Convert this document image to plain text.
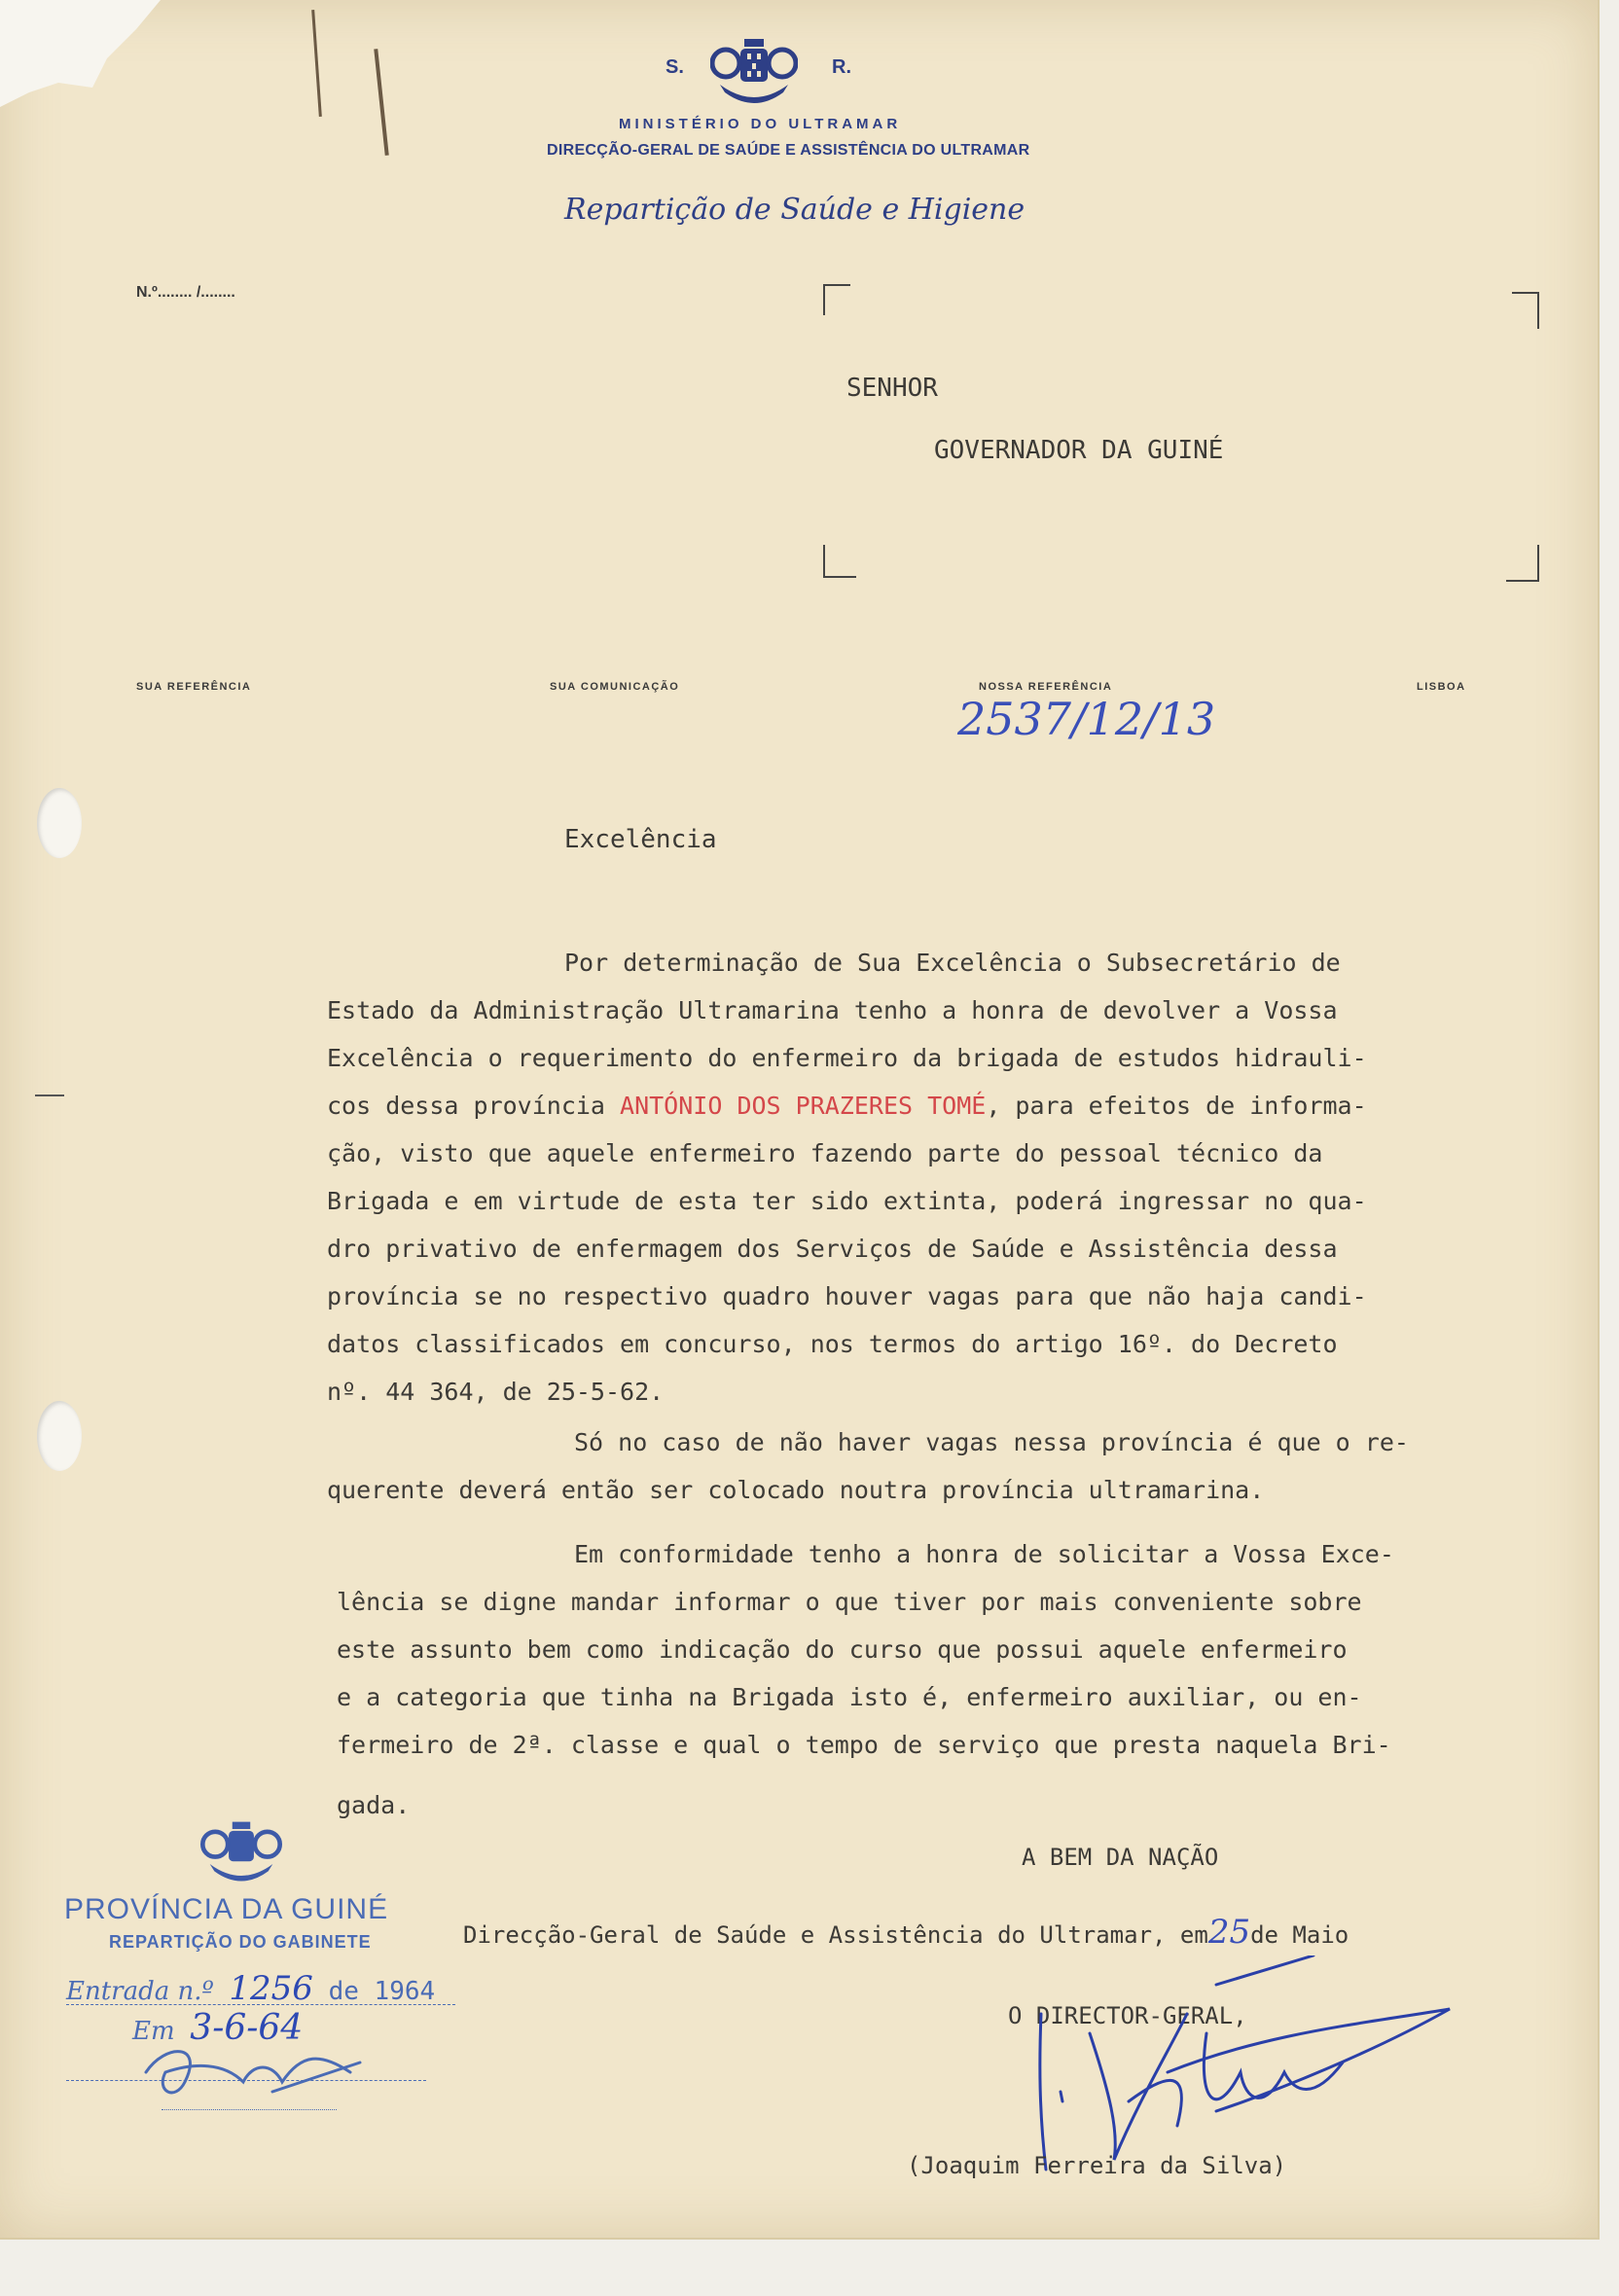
S.	R.
MINISTÉRIO DO ULTRAMAR
DIRECÇÃO-GERAL DE SAÚDE E ASSISTÊNCIA DO ULTRAMAR
Repartição de Saúde e Higiene
N.º........ /........
SENHOR
GOVERNADOR DA GUINÉ
SUA REFERÊNCIA	SUA COMUNICAÇÃO	NOSSA REFERÊNCIA	LISBOA
2537/12/13
Excelência
Por determinação de Sua Excelência o Subsecretário de
Estado da Administração Ultramarina tenho a honra de devolver a Vossa
Excelência o requerimento do enfermeiro da brigada de estudos hidrauli-
cos dessa província ANTÓNIO DOS PRAZERES TOMÉ, para efeitos de informa-
ção, visto que aquele enfermeiro fazendo parte do pessoal técnico da
Brigada e em virtude de esta ter sido extinta, poderá ingressar no qua-
dro privativo de enfermagem dos Serviços de Saúde e Assistência dessa
província se no respectivo quadro houver vagas para que não haja candi-
datos classificados em concurso, nos termos do artigo 16º. do Decreto
nº. 44 364, de 25-5-62.
Só no caso de não haver vagas nessa província é que o re-
querente deverá então ser colocado noutra província ultramarina.
Em conformidade tenho a honra de solicitar a Vossa Exce-
lência se digne mandar informar o que tiver por mais conveniente sobre
este assunto bem como indicação do curso que possui aquele enfermeiro
e a categoria que tinha na Brigada isto é, enfermeiro auxiliar, ou en-
fermeiro de 2ª. classe e qual o tempo de serviço que presta naquela Bri-
gada.
A BEM DA NAÇÃO
Direcção-Geral de Saúde e Assistência do Ultramar, em25de Maio
O DIRECTOR-GERAL,
(Joaquim Ferreira da Silva)
PROVÍNCIA DA GUINÉ
REPARTIÇÃO DO GABINETE
Entrada n.º 1256 de 1964
Em 3-6-64
